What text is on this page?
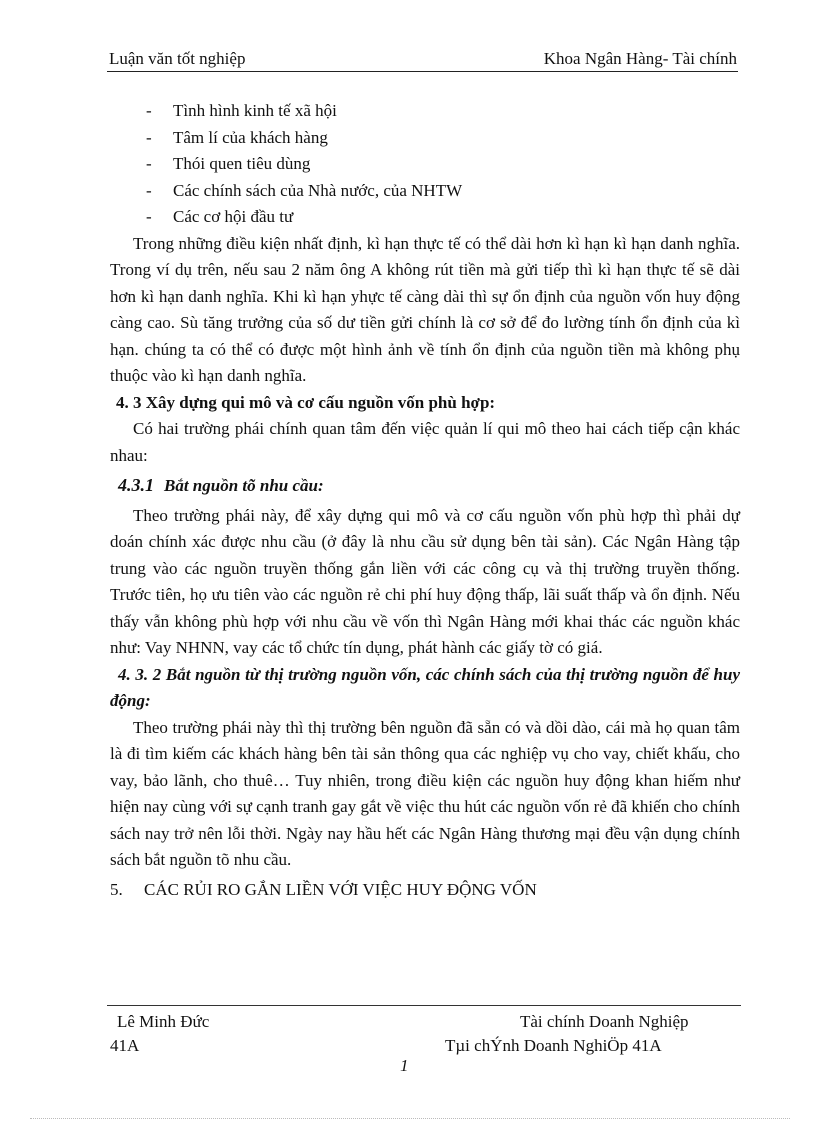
Luận văn tốt nghiệp	Khoa Ngân Hàng- Tài chính
- Tình hình kinh tế xã hội
- Tâm lí của khách hàng
- Thói quen tiêu dùng
- Các chính sách của Nhà nước, của NHTW
- Các cơ hội đầu tư

Trong những điều kiện nhất định, kì hạn thực tế có thể dài hơn kì hạn kì hạn danh nghĩa. Trong ví dụ trên, nếu sau 2 năm ông A không rút tiền mà gửi tiếp thì kì hạn thực tế sẽ dài hơn kì hạn danh nghĩa. Khi kì hạn yhực tế càng dài thì sự ổn định của nguồn vốn huy động càng cao. Sù tăng trưởng của số dư tiền gửi chính là cơ sở để đo lường tính ổn định của kì hạn. chúng ta có thể có được một hình ảnh về tính ổn định của nguồn tiền mà không phụ thuộc vào kì hạn danh nghĩa.

4. 3 Xây dựng qui mô và cơ cấu nguồn vốn phù hợp:

Có hai trường phái chính quan tâm đến việc quản lí qui mô theo hai cách tiếp cận khác nhau:

4.3.1 Bắt nguồn tõ nhu cầu:

Theo trường phái này, để xây dựng qui mô và cơ cấu nguồn vốn phù hợp thì phải dự doán chính xác được nhu cầu (ở đây là nhu cầu sử dụng bên tài sản). Các Ngân Hàng tập trung vào các nguồn truyền thống gắn liền với các công cụ và thị trường truyền thống. Trước tiên, họ ưu tiên vào các nguồn rẻ chi phí huy động thấp, lãi suất thấp và ổn định. Nếu thấy vẫn không phù hợp với nhu cầu về vốn thì Ngân Hàng mới khai thác các nguồn khác như: Vay NHNN, vay các tổ chức tín dụng, phát hành các giấy tờ có giá.

4. 3. 2 Bắt nguồn từ thị trường nguồn vốn, các chính sách của thị trường nguồn để huy động:

Theo trường phái này thì thị trường bên nguồn đã sẵn có và dồi dào, cái mà họ quan tâm là đi tìm kiếm các khách hàng bên tài sản thông qua các nghiệp vụ cho vay, chiết khấu, cho vay, bảo lãnh, cho thuê… Tuy nhiên, trong điều kiện các nguồn huy động khan hiếm như hiện nay cùng với sự cạnh tranh gay gắt về việc thu hút các nguồn vốn rẻ đã khiến cho chính sách nay trở nên lỗi thời. Ngày nay hầu hết các Ngân Hàng thương mại đều vận dụng chính sách bắt nguồn tõ nhu cầu.

5.	CÁC RỦI RO GẮN LIỀN VỚI VIỆC HUY ĐỘNG VỐN
Lê Minh Đức	Tài chính Doanh Nghiệp
41A	Tµi chÝnh Doanh NghiÖp 41A
1
